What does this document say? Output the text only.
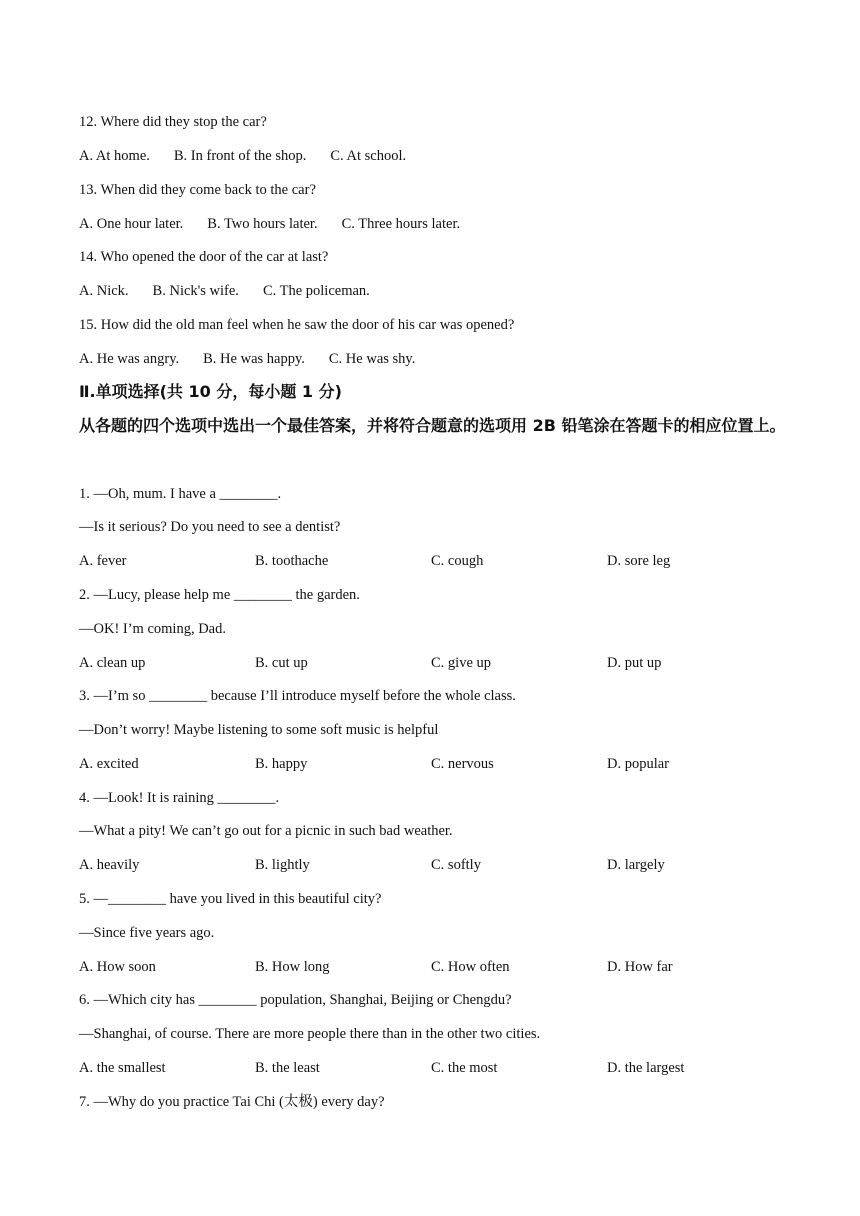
12. Where did they stop the car?
A. At home. B. In front of the shop. C. At school.
13. When did they come back to the car?
A. One hour later. B. Two hours later. C. Three hours later.
14. Who opened the door of the car at last?
A. Nick. B. Nick's wife. C. The policeman.
15. How did the old man feel when he saw the door of his car was opened?
A. He was angry. B. He was happy. C. He was shy.
Ⅱ.单项选择(共 10 分，每小题 1 分)
从各题的四个选项中选出一个最佳答案，并将符合题意的选项用 2B 铅笔涂在答题卡的相应位置上。
1. —Oh, mum. I have a ________.
—Is it serious? Do you need to see a dentist?
A. fever	B. toothache	C. cough	D. sore leg
2. —Lucy, please help me ________ the garden.
—OK! I’m coming, Dad.
A. clean up	B. cut up	C. give up	D. put up
3. —I’m so ________ because I’ll introduce myself before the whole class.
—Don’t worry! Maybe listening to some soft music is helpful
A. excited	B. happy	C. nervous	D. popular
4. —Look! It is raining ________.
—What a pity! We can’t go out for a picnic in such bad weather.
A. heavily	B. lightly	C. softly	D. largely
5. —________ have you lived in this beautiful city?
—Since five years ago.
A. How soon	B. How long	C. How often	D. How far
6. —Which city has ________ population, Shanghai, Beijing or Chengdu?
—Shanghai, of course. There are more people there than in the other two cities.
A. the smallest	B. the least	C. the most	D. the largest
7. —Why do you practice Tai Chi (太极) every day?
